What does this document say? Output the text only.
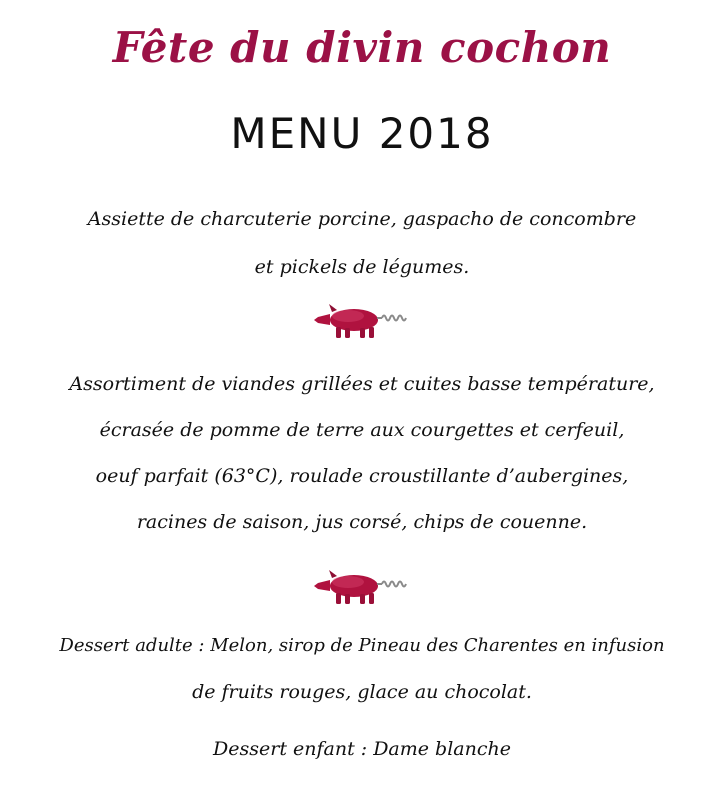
Fête du divin cochon
MENU 2018
Assiette de charcuterie porcine, gaspacho de concombre
et pickels de légumes.
Assortiment de viandes grillées et cuites basse température,
écrasée de pomme de terre aux courgettes et cerfeuil,
oeuf parfait (63°C), roulade croustillante d’aubergines,
racines de saison, jus corsé, chips de couenne.
Dessert adulte : Melon, sirop de Pineau des Charentes en infusion
de fruits rouges, glace au chocolat.
Dessert enfant : Dame blanche
